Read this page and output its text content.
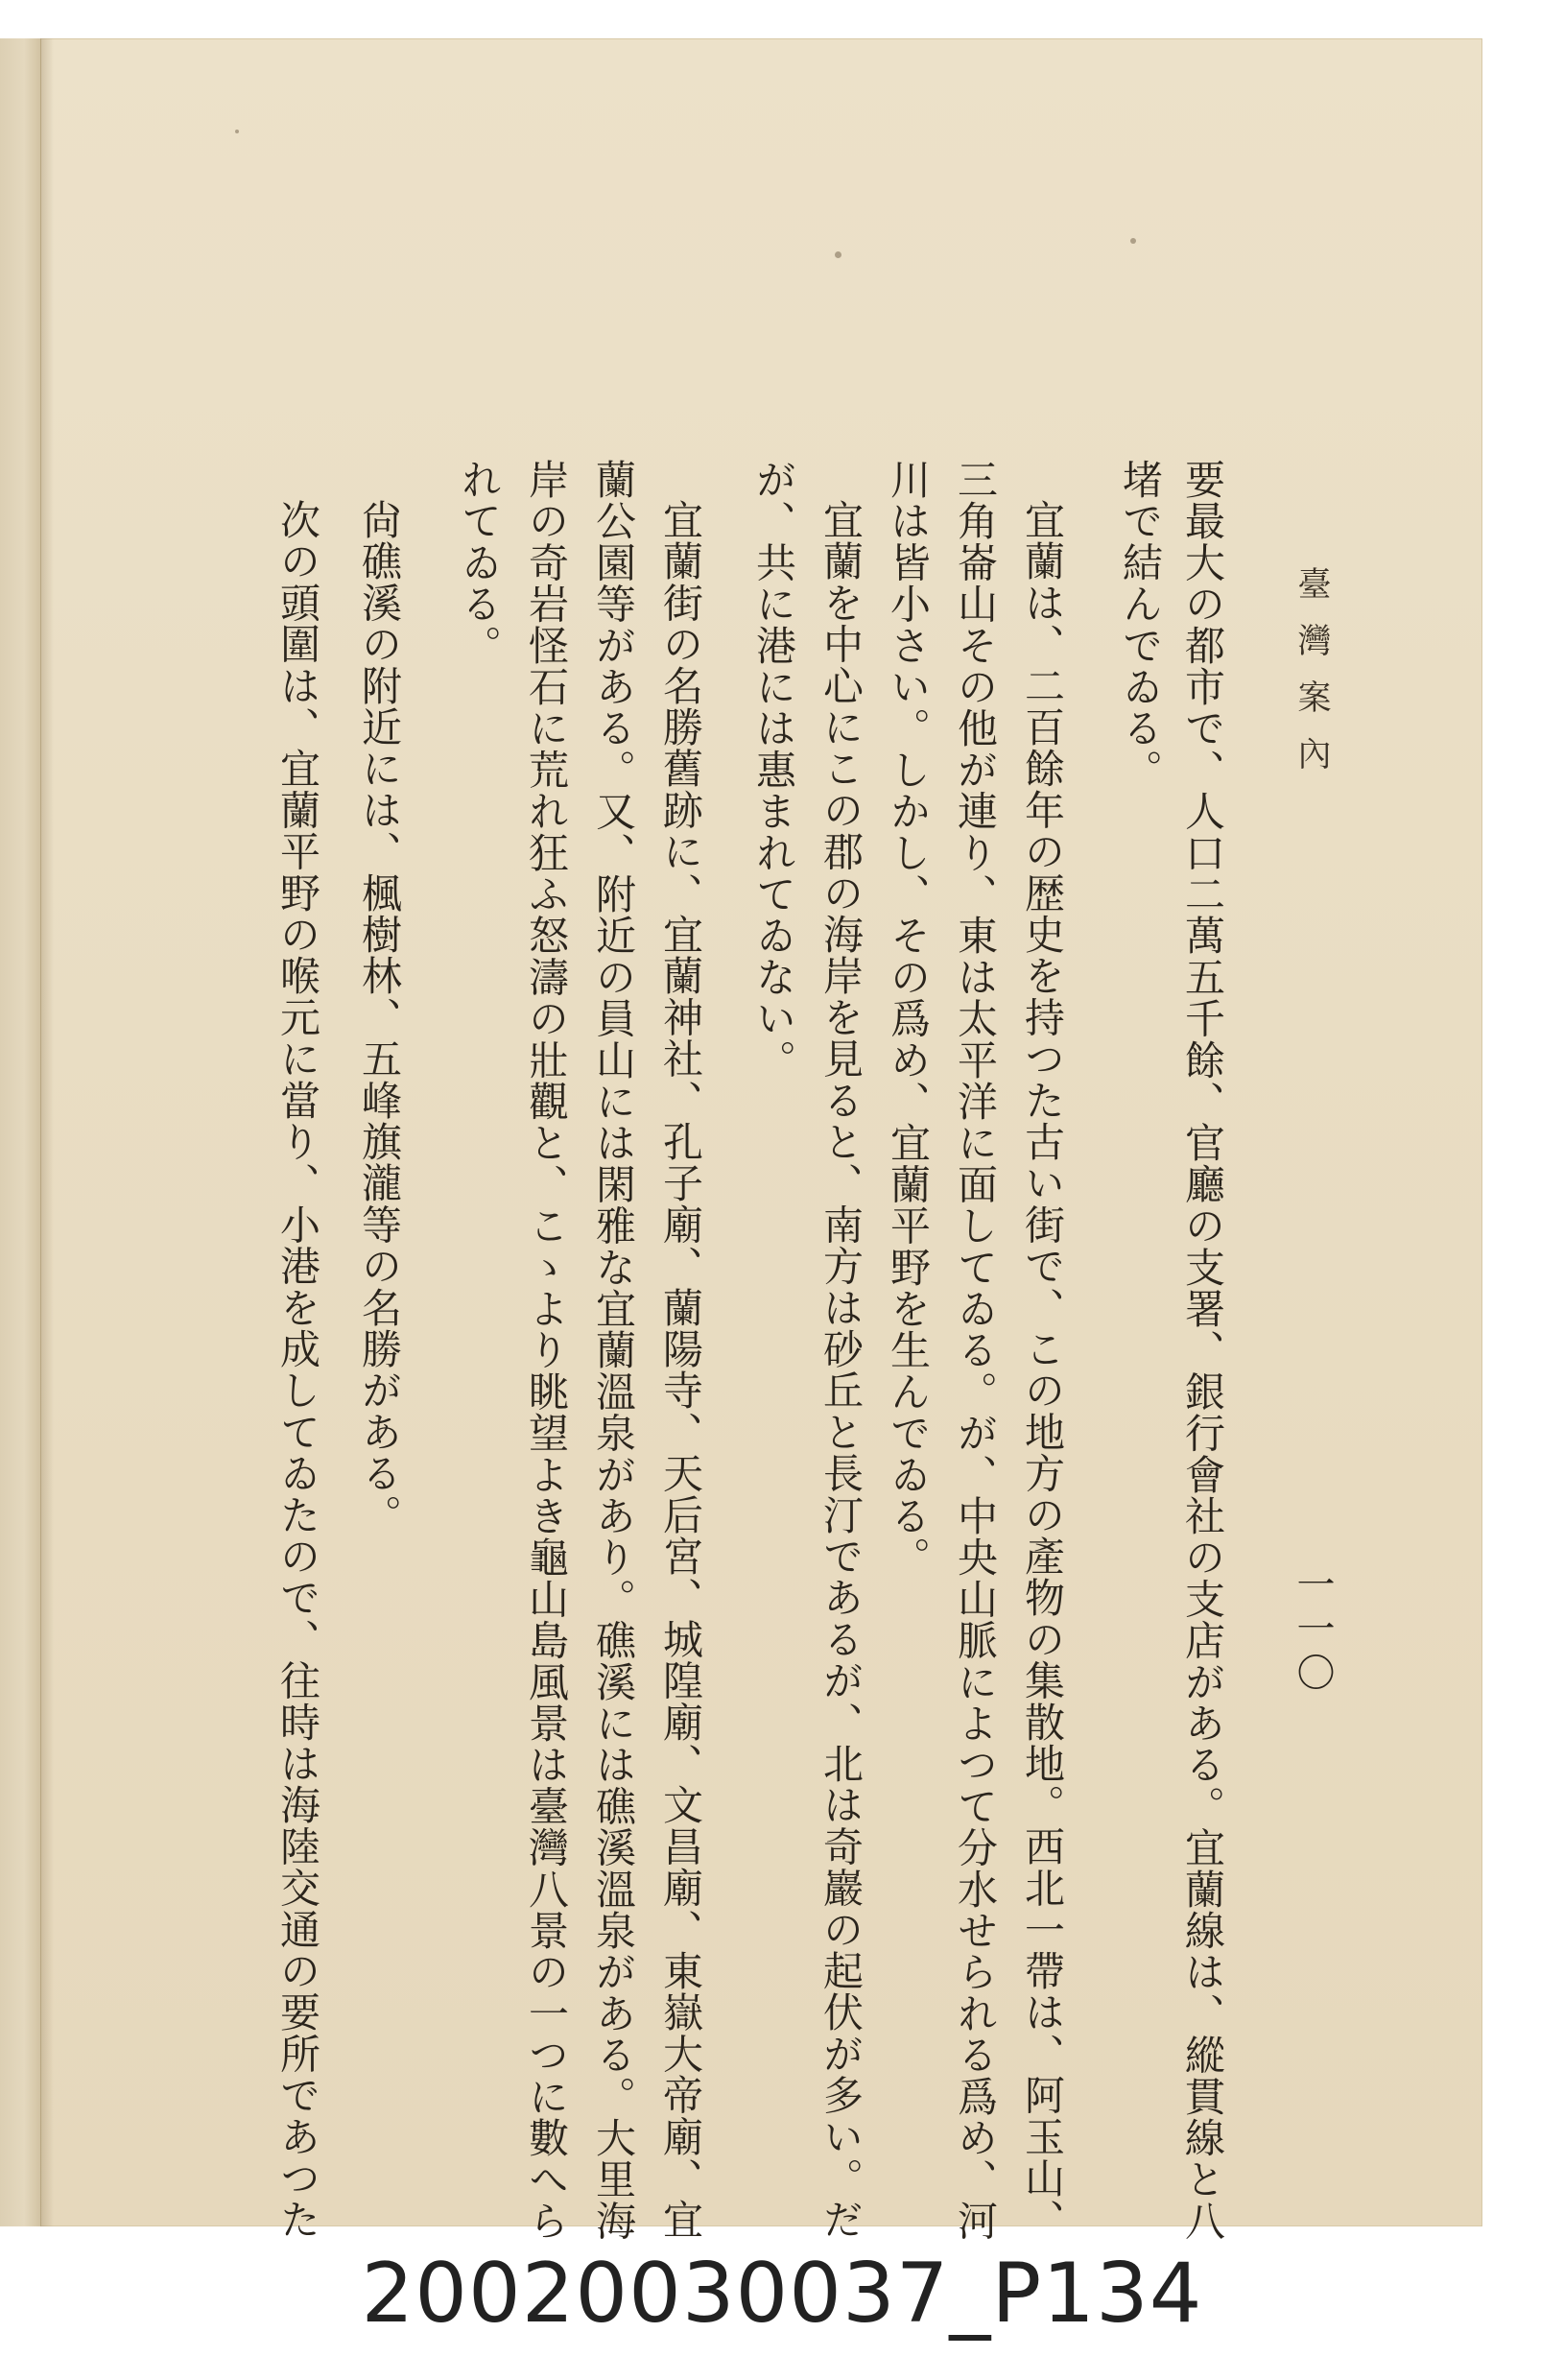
臺灣案內
一一〇
要最大の都市で、人口二萬五千餘、官廳の支署、銀行會社の支店がある。宜蘭線は、縱貫線と八
堵で結んでゐる。
宜蘭は、二百餘年の歴史を持つた古い街で、この地方の產物の集散地。西北一帶は、阿玉山、
三角崙山その他が連り、東は太平洋に面してゐる。が、中央山脈によつて分水せられる爲め、河
川は皆小さい。しかし、その爲め、宜蘭平野を生んでゐる。
宜蘭を中心にこの郡の海岸を見ると、南方は砂丘と長汀であるが、北は奇巖の起伏が多い。だ
が、共に港には惠まれてゐない。
宜蘭街の名勝舊跡に、宜蘭神社、孔子廟、蘭陽寺、天后宮、城隍廟、文昌廟、東嶽大帝廟、宜
蘭公園等がある。又、附近の員山には閑雅な宜蘭溫泉があり。礁溪には礁溪溫泉がある。大里海
岸の奇岩怪石に荒れ狂ふ怒濤の壯觀と、こゝより眺望よき龜山島風景は臺灣八景の一つに數へら
れてゐる。
尙礁溪の附近には、楓樹林、五峰旗瀧等の名勝がある。
次の頭圍は、宜蘭平野の喉元に當り、小港を成してゐたので、往時は海陸交通の要所であつた
20020030037_P134
